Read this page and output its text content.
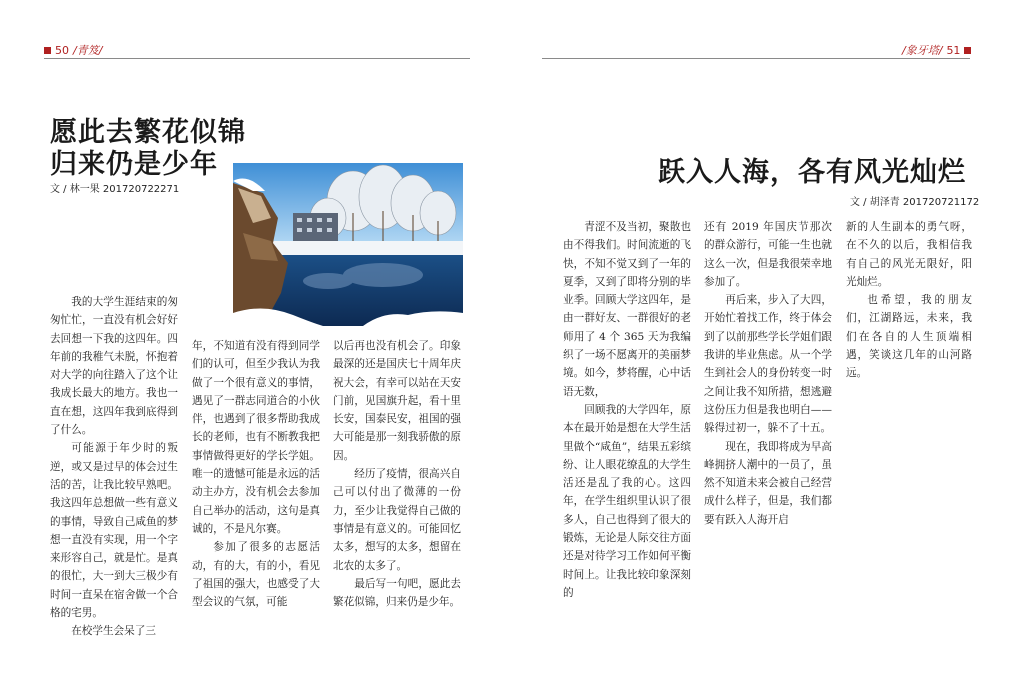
50 /青笈/
愿此去繁花似锦
归来仍是少年
文 / 林一果 201720722271

我的大学生涯结束的匆匆忙忙，一直没有机会好好去回想一下我的这四年。四年前的我稚气未脱，怀抱着对大学的向往踏入了这个让我成长最大的地方。我也一直在想，这四年我到底得到了什么。

可能源于年少时的叛逆，或又是过早的体会过生活的苦，让我比较早熟吧。我这四年总想做一些有意义的事情，导致自己咸鱼的梦想一直没有实现，用一个字来形容自己，就是忙。是真的很忙，大一到大三极少有时间一直呆在宿舍做一个合格的宅男。

在校学生会呆了三

年，不知道有没有得到同学们的认可，但至少我认为我做了一个很有意义的事情，遇见了一群志同道合的小伙伴，也遇到了很多帮助我成长的老师，也有不断教我把事情做得更好的学长学姐。唯一的遗憾可能是永远的活动主办方，没有机会去参加自己举办的活动，这句是真诚的，不是凡尔赛。

参加了很多的志愿活动，有的大，有的小，看见了祖国的强大，也感受了大型会议的气氛，可能

以后再也没有机会了。印象最深的还是国庆七十周年庆祝大会，有幸可以站在天安门前，见国旗升起，看十里长安，国泰民安，祖国的强大可能是那一刻我骄傲的原因。

经历了疫情，很高兴自己可以付出了微薄的一份力，至少让我觉得自己做的事情是有意义的。可能回忆太多，想写的太多，想留在北农的太多了。

最后写一句吧，愿此去繁花似锦，归来仍是少年。

/象牙塔/ 51
跃入人海，各有风光灿烂
文 / 胡泽青 201720721172

青涩不及当初，聚散也由不得我们。时间流逝的飞快，不知不觉又到了一年的夏季，又到了即将分别的毕业季。回顾大学这四年，是由一群好友、一群很好的老师用了 4 个 365 天为我编织了一场不愿离开的美丽梦境。如今，梦将醒，心中话语无数，

回顾我的大学四年，原本在最开始是想在大学生活里做个“咸鱼”，结果五彩缤纷、让人眼花缭乱的大学生活还是乱了我的心。这四年，在学生组织里认识了很多人，自己也得到了很大的锻炼，无论是人际交往方面还是对待学习工作如何平衡时间上。让我比较印象深刻的

还有 2019 年国庆节那次的群众游行，可能一生也就这么一次，但是我很荣幸地参加了。

再后来，步入了大四，开始忙着找工作，终于体会到了以前那些学长学姐们跟我讲的毕业焦虑。从一个学生到社会人的身份转变一时之间让我不知所措，想逃避这份压力但是我也明白——躲得过初一，躲不了十五。

现在，我即将成为早高峰拥挤人潮中的一员了，虽然不知道未来会被自己经营成什么样子，但是，我们都要有跃入人海开启

新的人生副本的勇气呀，在不久的以后，我相信我有自己的风光无限好，阳光灿烂。

也希望，我的朋友们，江湖路远，未来，我们在各自的人生顶端相遇，笑谈这几年的山河路远。
